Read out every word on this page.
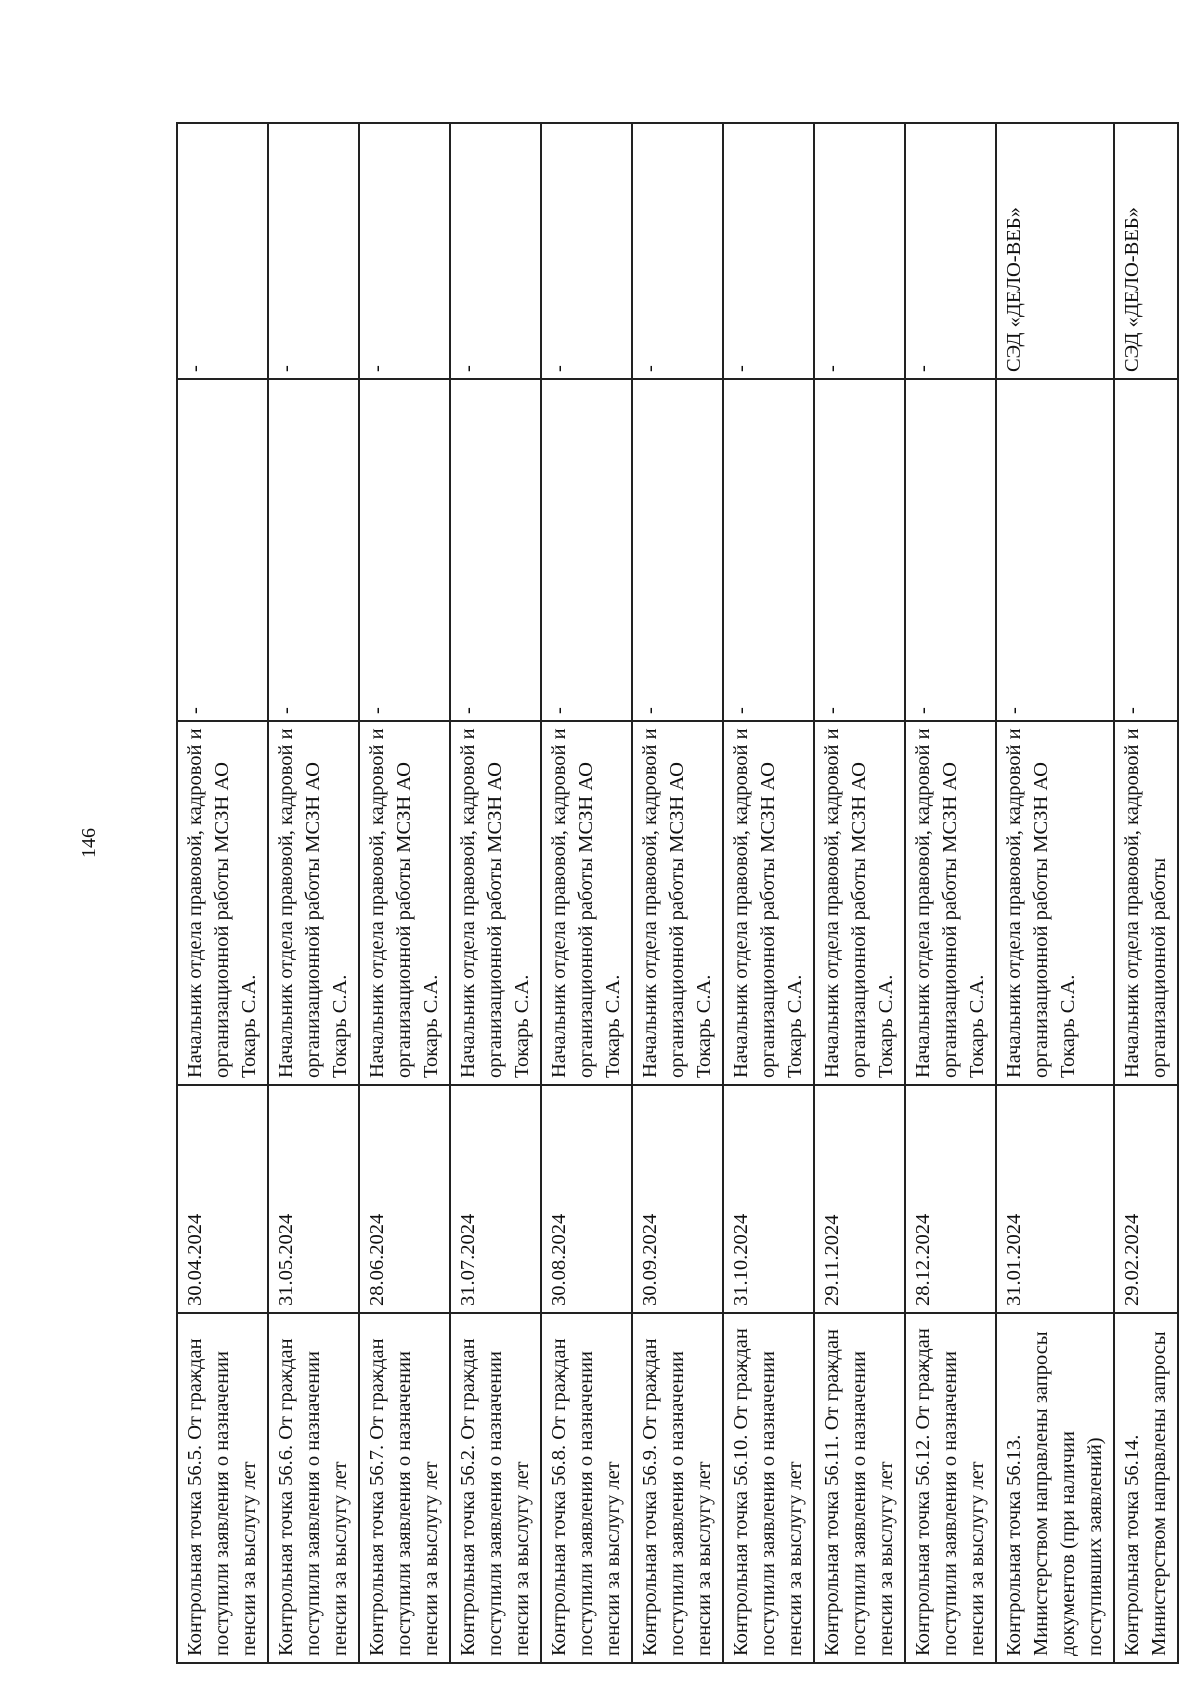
146
Контрольная точка 56.5. От граждан поступили заявления о назначении пенсии за выслугу лет	30.04.2024	Начальник отдела правовой, кадровой и организационной работы МСЗН АО Токарь С.А.	-	-
Контрольная точка 56.6. От граждан поступили заявления о назначении пенсии за выслугу лет	31.05.2024	Начальник отдела правовой, кадровой и организационной работы МСЗН АО Токарь С.А.	-	-
Контрольная точка 56.7. От граждан поступили заявления о назначении пенсии за выслугу лет	28.06.2024	Начальник отдела правовой, кадровой и организационной работы МСЗН АО Токарь С.А.	-	-
Контрольная точка 56.2. От граждан поступили заявления о назначении пенсии за выслугу лет	31.07.2024	Начальник отдела правовой, кадровой и организационной работы МСЗН АО Токарь С.А.	-	-
Контрольная точка 56.8. От граждан поступили заявления о назначении пенсии за выслугу лет	30.08.2024	Начальник отдела правовой, кадровой и организационной работы МСЗН АО Токарь С.А.	-	-
Контрольная точка 56.9. От граждан поступили заявления о назначении пенсии за выслугу лет	30.09.2024	Начальник отдела правовой, кадровой и организационной работы МСЗН АО Токарь С.А.	-	-
Контрольная точка 56.10. От граждан поступили заявления о назначении пенсии за выслугу лет	31.10.2024	Начальник отдела правовой, кадровой и организационной работы МСЗН АО Токарь С.А.	-	-
Контрольная точка 56.11. От граждан поступили заявления о назначении пенсии за выслугу лет	29.11.2024	Начальник отдела правовой, кадровой и организационной работы МСЗН АО Токарь С.А.	-	-
Контрольная точка 56.12. От граждан поступили заявления о назначении пенсии за выслугу лет	28.12.2024	Начальник отдела правовой, кадровой и организационной работы МСЗН АО Токарь С.А.	-	-
Контрольная точка 56.13. Министерством направлены запросы документов (при наличии поступивших заявлений)	31.01.2024	Начальник отдела правовой, кадровой и организационной работы МСЗН АО Токарь С.А.	-	СЭД «ДЕЛО-ВЕБ»
Контрольная точка 56.14. Министерством направлены запросы	29.02.2024	Начальник отдела правовой, кадровой и организационной работы	-	СЭД «ДЕЛО-ВЕБ»
